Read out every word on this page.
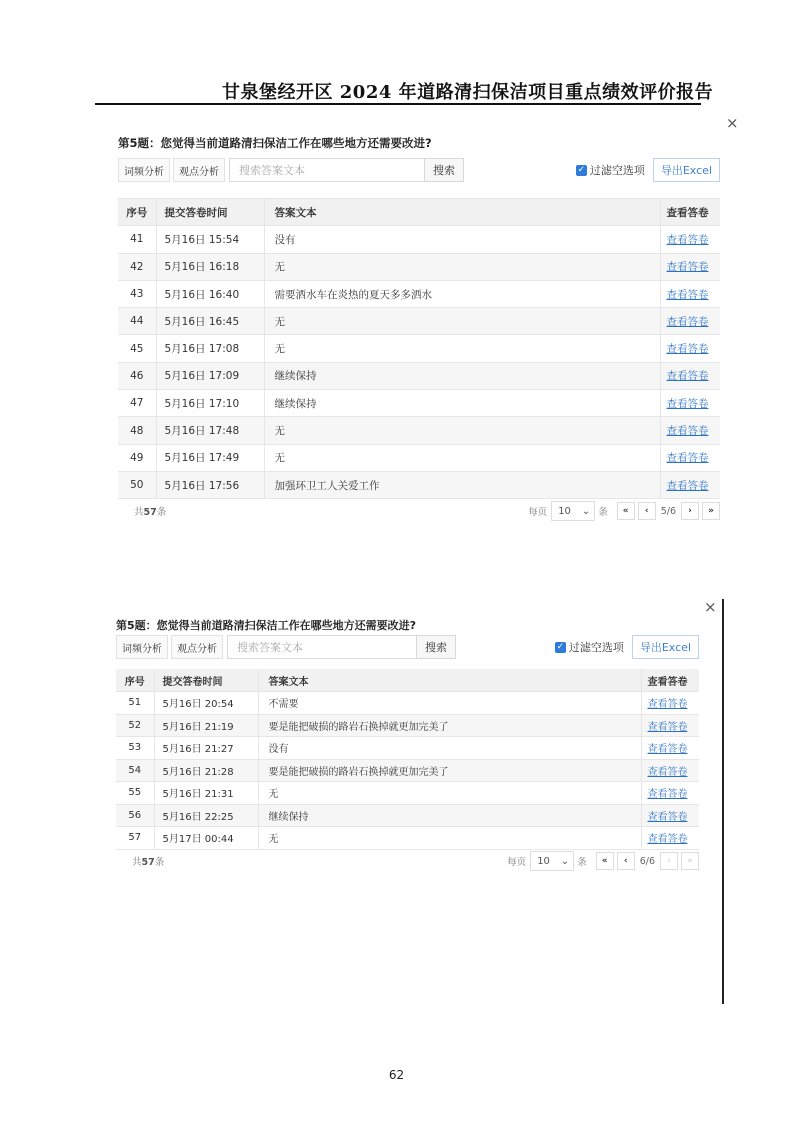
甘泉堡经开区 2024 年道路清扫保洁项目重点绩效评价报告
×
第5题：您觉得当前道路清扫保洁工作在哪些地方还需要改进?
词频分析	观点分析	搜索答案文本	搜索	✓ 过滤空选项	导出Excel
序号	提交答卷时间	答案文本	查看答卷
41	5月16日 15:54	没有	查看答卷
42	5月16日 16:18	无	查看答卷
43	5月16日 16:40	需要洒水车在炎热的夏天多多洒水	查看答卷
44	5月16日 16:45	无	查看答卷
45	5月16日 17:08	无	查看答卷
46	5月16日 17:09	继续保持	查看答卷
47	5月16日 17:10	继续保持	查看答卷
48	5月16日 17:48	无	查看答卷
49	5月16日 17:49	无	查看答卷
50	5月16日 17:56	加强环卫工人关爱工作	查看答卷
共57条	每页 10 ⌄ 条	«	‹	5/6	›	»
×
第5题：您觉得当前道路清扫保洁工作在哪些地方还需要改进?
词频分析	观点分析	搜索答案文本	搜索	✓ 过滤空选项	导出Excel
序号	提交答卷时间	答案文本	查看答卷
51	5月16日 20:54	不需要	查看答卷
52	5月16日 21:19	要是能把破损的路岩石换掉就更加完美了	查看答卷
53	5月16日 21:27	没有	查看答卷
54	5月16日 21:28	要是能把破损的路岩石换掉就更加完美了	查看答卷
55	5月16日 21:31	无	查看答卷
56	5月16日 22:25	继续保持	查看答卷
57	5月17日 00:44	无	查看答卷
共57条	每页 10 ⌄ 条	«	‹	6/6	›	»
62
